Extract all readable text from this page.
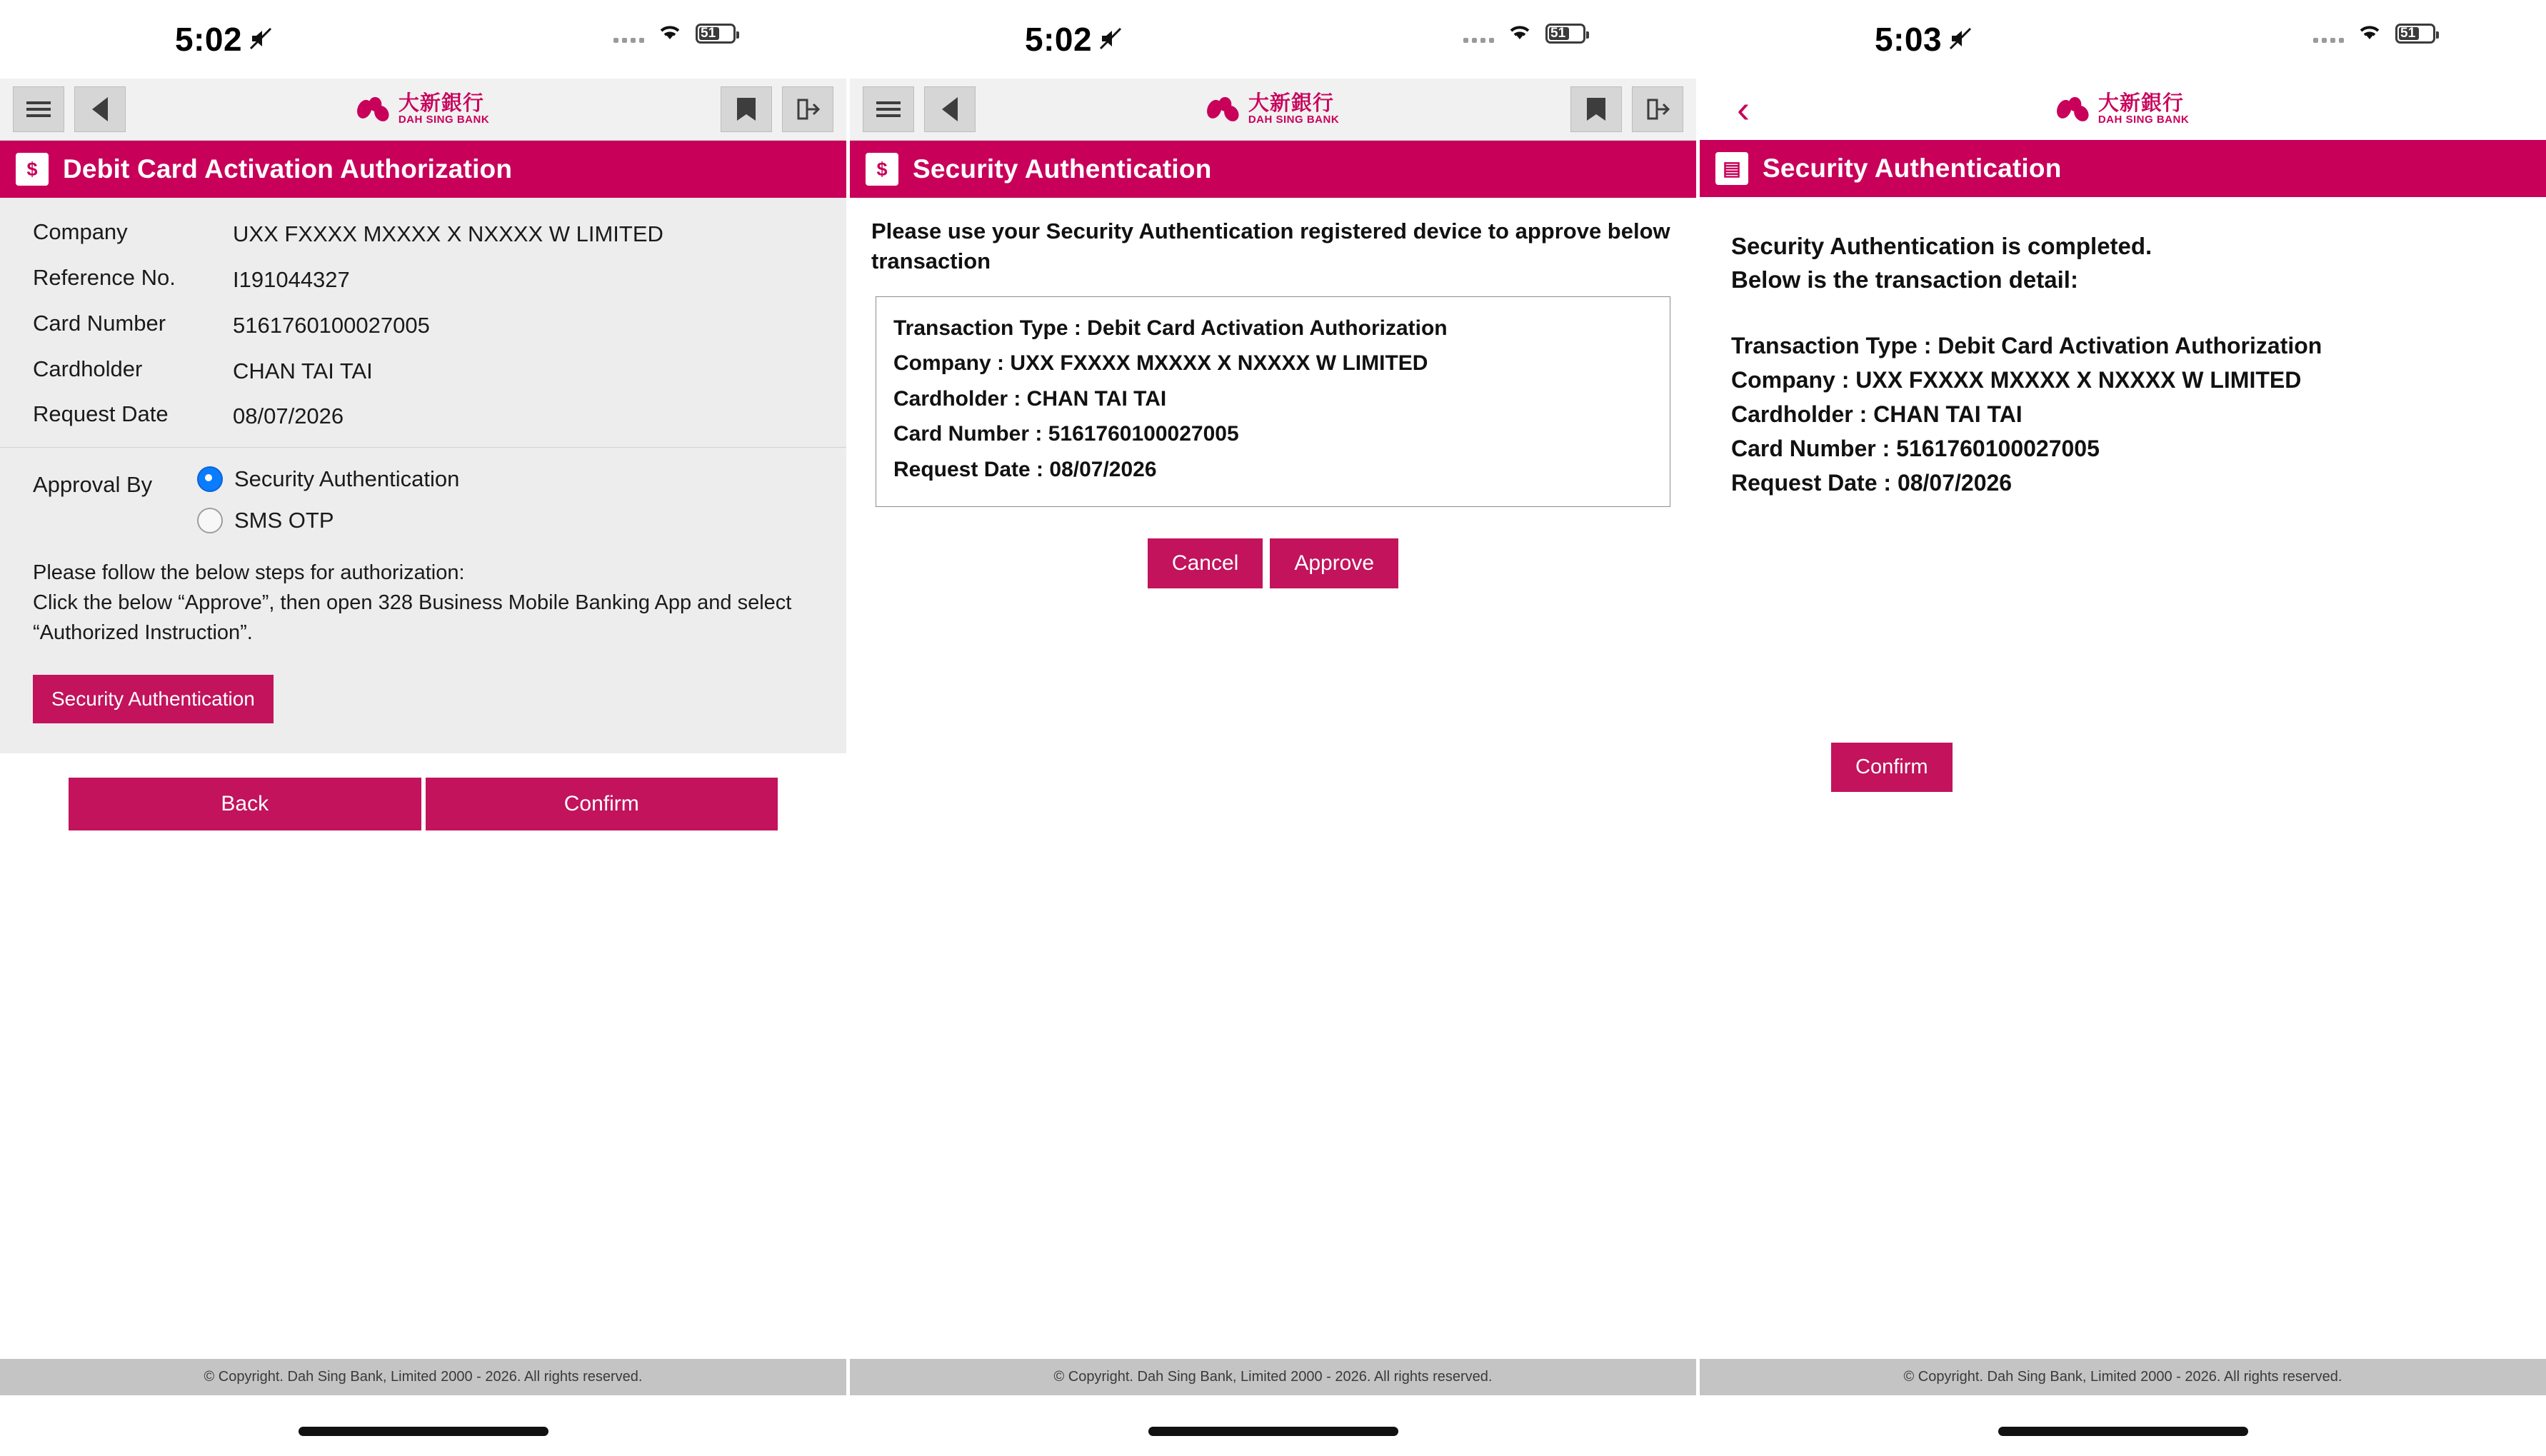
5:02	51
大新銀行
DAH SING BANK
$ Debit Card Activation Authorization
Company	UXX FXXXX MXXXX X NXXXX W LIMITED
Reference No.	I191044327
Card Number	5161760100027005
Cardholder	CHAN TAI TAI
Request Date	08/07/2026
Approval By	Security Authentication
SMS OTP
Please follow the below steps for authorization:
Click the below “Approve”, then open 328 Business Mobile Banking App and select “Authorized Instruction”.
Security Authentication
Back	Confirm
© Copyright. Dah Sing Bank, Limited 2000 - 2026. All rights reserved.
5:02	51
大新銀行
DAH SING BANK
$ Security Authentication
Please use your Security Authentication registered device to approve below transaction
Transaction Type : Debit Card Activation Authorization
Company : UXX FXXXX MXXXX X NXXXX W LIMITED
Cardholder : CHAN TAI TAI
Card Number : 5161760100027005
Request Date : 08/07/2026
Cancel	Approve
© Copyright. Dah Sing Bank, Limited 2000 - 2026. All rights reserved.
5:03	51
‹	大新銀行
DAH SING BANK
▤ Security Authentication
Security Authentication is completed.
Below is the transaction detail:
Transaction Type : Debit Card Activation Authorization
Company : UXX FXXXX MXXXX X NXXXX W LIMITED
Cardholder : CHAN TAI TAI
Card Number : 5161760100027005
Request Date : 08/07/2026
Confirm
© Copyright. Dah Sing Bank, Limited 2000 - 2026. All rights reserved.
